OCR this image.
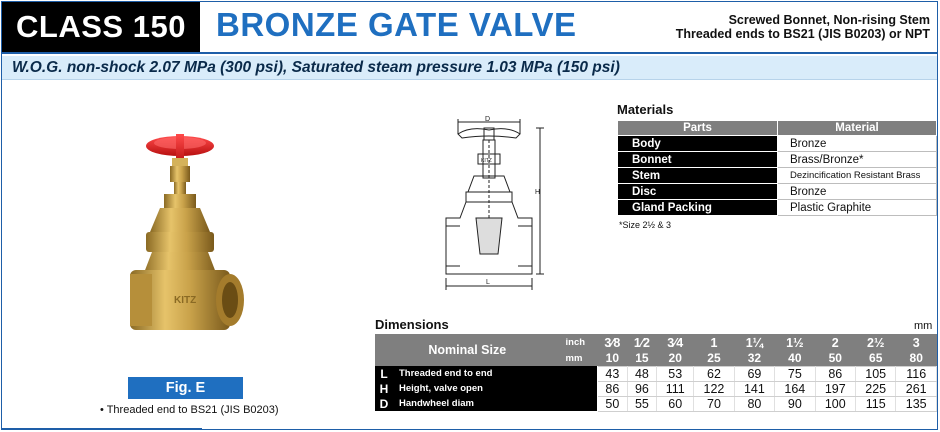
CLASS 150 BRONZE GATE VALVE	Screwed Bonnet, Non-rising Stem
Threaded ends to BS21 (JIS B0203) or NPT
W.O.G. non-shock 2.07 MPa (300 psi), Saturated steam pressure 1.03 MPa (150 psi)
KITZ
Fig. E
• Threaded end to BS21 (JIS B0203)
D
KITZ
H
L
Materials
Parts	Material
Body	Bronze
Bonnet	Brass/Bronze*
Stem	Dezincification Resistant Brass
Disc	Bronze
Gland Packing	Plastic Graphite
*Size 2½ & 3
Dimensions	mm
Nominal Size		inch	3⁄8	1⁄2	3⁄4	1	1¼	1½	2	2½	3
		mm	10	15	20	25	32	40	50	65	80
L	Threaded end to end		43	48	53	62	69	75	86	105	116
H	Height, valve open		86	96	111	122	141	164	197	225	261
D	Handwheel diam		50	55	60	70	80	90	100	115	135
